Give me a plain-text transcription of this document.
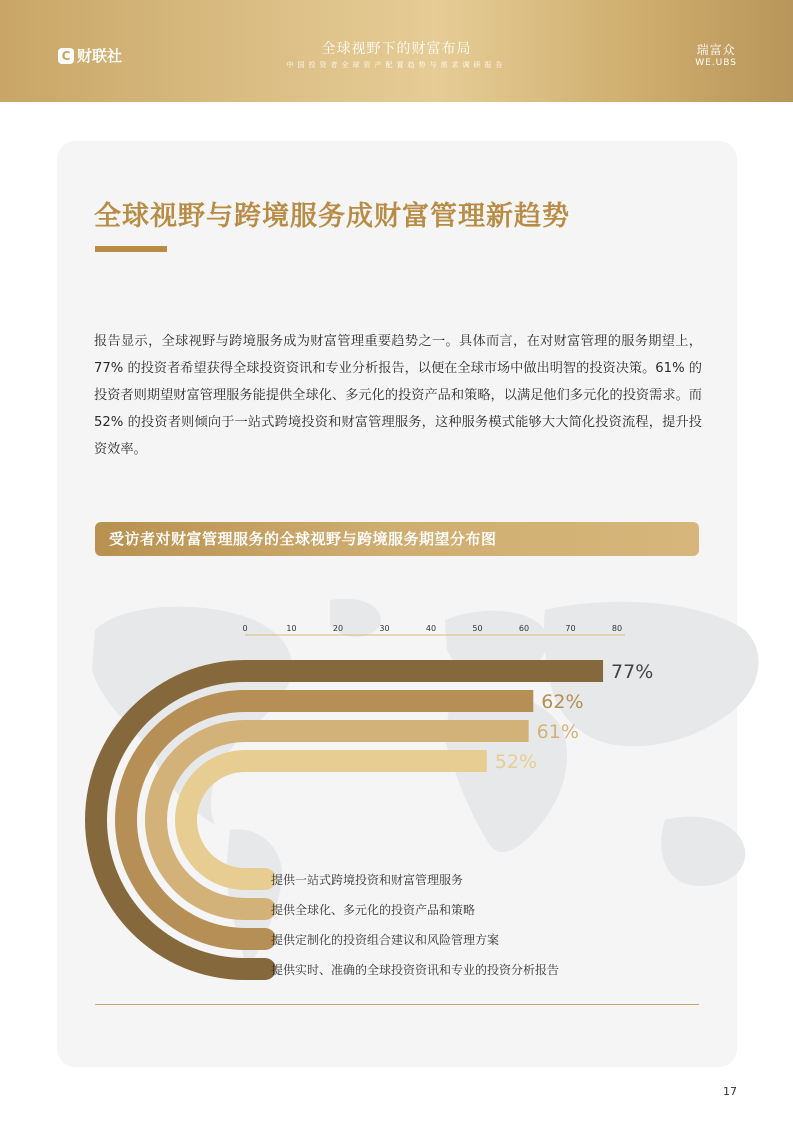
C 财联社	全球视野下的财富布局
中国投资者全球资产配置趋势与需求调研报告
瑞富众
WE.UBS
全球视野与跨境服务成财富管理新趋势

报告显示，全球视野与跨境服务成为财富管理重要趋势之一。具体而言，在对财富管理的服务期望上，77% 的投资者希望获得全球投资资讯和专业分析报告，以便在全球市场中做出明智的投资决策。61% 的投资者则期望财富管理服务能提供全球化、多元化的投资产品和策略，以满足他们多元化的投资需求。而 52% 的投资者则倾向于一站式跨境投资和财富管理服务，这种服务模式能够大大简化投资流程，提升投资效率。

受访者对财富管理服务的全球视野与跨境服务期望分布图
0	10	20	30	40	50	60	70	80
77%
提供实时、准确的全球投资资讯和专业的投资分析报告
62%
提供定制化的投资组合建议和风险管理方案
61%
提供全球化、多元化的投资产品和策略
52%
提供一站式跨境投资和财富管理服务
17
